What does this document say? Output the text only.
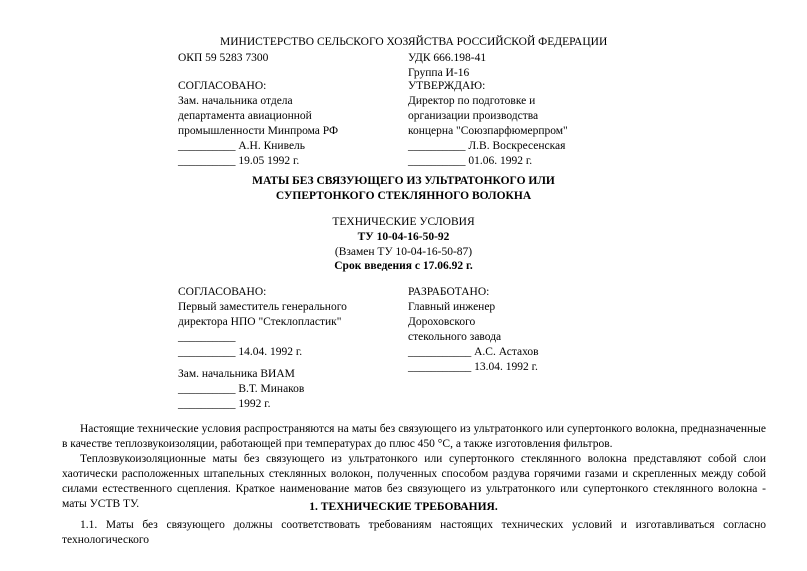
МИНИСТЕРСТВО СЕЛЬСКОГО ХОЗЯЙСТВА РОССИЙСКОЙ ФЕДЕРАЦИИ
ОКП 59 5283 7300	УДК 666.198-41
Группа И-16
СОГЛАСОВАНО:
Зам. начальника отдела
департамента авиационной
промышленности Минпрома РФ
__________ А.Н. Книвель
__________ 19.05 1992 г.
УТВЕРЖДАЮ:
Директор по подготовке и
организации производства
концерна "Союзпарфюмерпром"
__________ Л.В. Воскресенская
__________ 01.06. 1992 г.
МАТЫ БЕЗ СВЯЗУЮЩЕГО ИЗ УЛЬТРАТОНКОГО ИЛИ
СУПЕРТОНКОГО СТЕКЛЯННОГО ВОЛОКНА
ТЕХНИЧЕСКИЕ УСЛОВИЯ
ТУ 10-04-16-50-92
(Взамен ТУ 10-04-16-50-87)
Срок введения с 17.06.92 г.
СОГЛАСОВАНО:
Первый заместитель генерального
директора НПО "Стеклопластик"
__________
__________ 14.04. 1992 г.
РАЗРАБОТАНО:
Главный инженер
Дороховского
стекольного завода
___________ А.С. Астахов
___________ 13.04. 1992 г.
Зам. начальника ВИАМ
__________ В.Т. Минаков
__________ 1992 г.
Настоящие технические условия распространяются на маты без связующего из ультратонкого или супертонкого волокна, предназначенные в качестве теплозвукоизоляции, работающей при температурах до плюс 450 °С, а также изготовления фильтров.
Теплозвукоизоляционные маты без связующего из ультратонкого или супертонкого стеклянного волокна представляют собой слои хаотически расположенных штапельных стеклянных волокон, полученных способом раздува горячими газами и скрепленных между собой силами естественного сцепления. Краткое наименование матов без связующего из ультратонкого или супертонкого стеклянного волокна - маты УСТВ ТУ.	1. ТЕХНИЧЕСКИЕ ТРЕБОВАНИЯ.
1.1. Маты без связующего должны соответствовать требованиям настоящих технических условий и изготавливаться согласно технологического
